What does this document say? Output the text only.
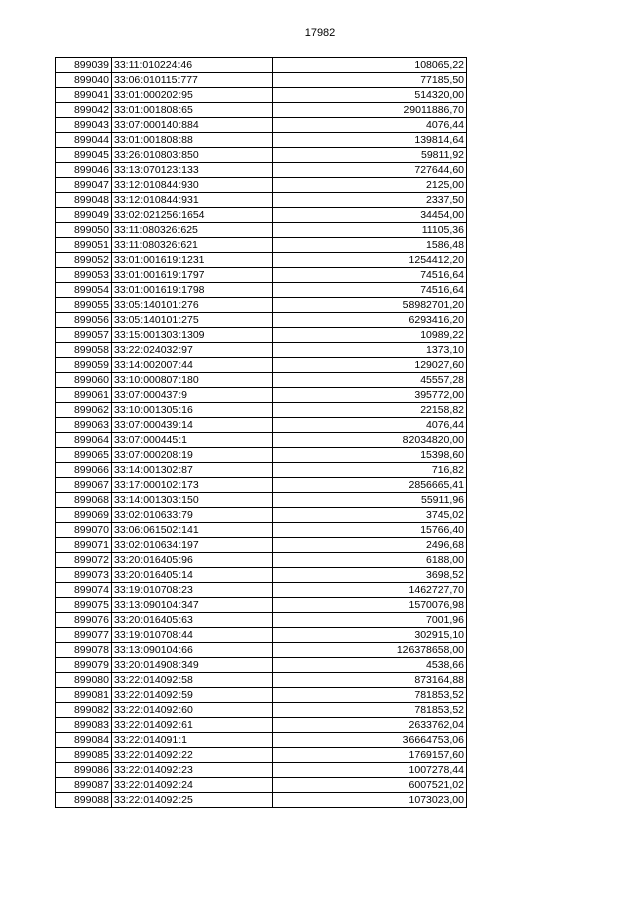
17982
899039	33:11:010224:46	108065,22
899040	33:06:010115:777	77185,50
899041	33:01:000202:95	514320,00
899042	33:01:001808:65	29011886,70
899043	33:07:000140:884	4076,44
899044	33:01:001808:88	139814,64
899045	33:26:010803:850	59811,92
899046	33:13:070123:133	727644,60
899047	33:12:010844:930	2125,00
899048	33:12:010844:931	2337,50
899049	33:02:021256:1654	34454,00
899050	33:11:080326:625	11105,36
899051	33:11:080326:621	1586,48
899052	33:01:001619:1231	1254412,20
899053	33:01:001619:1797	74516,64
899054	33:01:001619:1798	74516,64
899055	33:05:140101:276	58982701,20
899056	33:05:140101:275	6293416,20
899057	33:15:001303:1309	10989,22
899058	33:22:024032:97	1373,10
899059	33:14:002007:44	129027,60
899060	33:10:000807:180	45557,28
899061	33:07:000437:9	395772,00
899062	33:10:001305:16	22158,82
899063	33:07:000439:14	4076,44
899064	33:07:000445:1	82034820,00
899065	33:07:000208:19	15398,60
899066	33:14:001302:87	716,82
899067	33:17:000102:173	2856665,41
899068	33:14:001303:150	55911,96
899069	33:02:010633:79	3745,02
899070	33:06:061502:141	15766,40
899071	33:02:010634:197	2496,68
899072	33:20:016405:96	6188,00
899073	33:20:016405:14	3698,52
899074	33:19:010708:23	1462727,70
899075	33:13:090104:347	1570076,98
899076	33:20:016405:63	7001,96
899077	33:19:010708:44	302915,10
899078	33:13:090104:66	126378658,00
899079	33:20:014908:349	4538,66
899080	33:22:014092:58	873164,88
899081	33:22:014092:59	781853,52
899082	33:22:014092:60	781853,52
899083	33:22:014092:61	2633762,04
899084	33:22:014091:1	36664753,06
899085	33:22:014092:22	1769157,60
899086	33:22:014092:23	1007278,44
899087	33:22:014092:24	6007521,02
899088	33:22:014092:25	1073023,00
